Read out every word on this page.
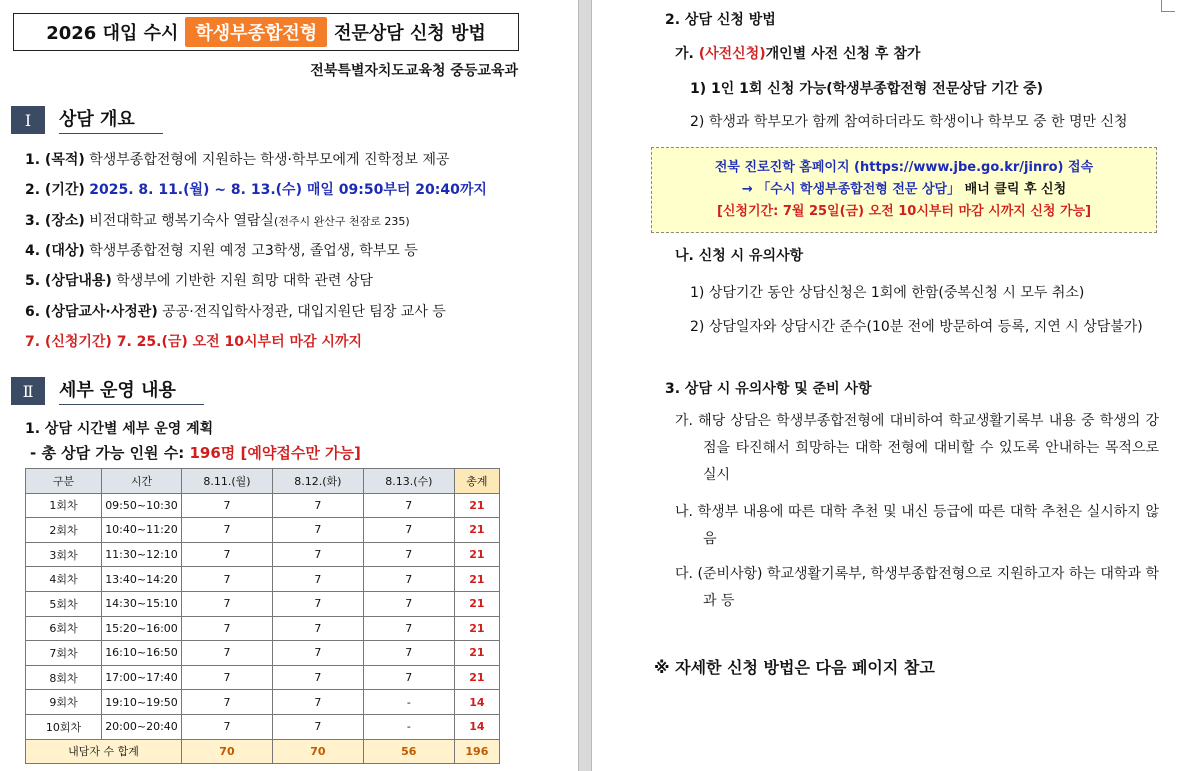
2026 대입 수시 학생부종합전형 전문상담 신청 방법
전북특별자치도교육청 중등교육과
Ⅰ	상담 개요
1. (목적) 학생부종합전형에 지원하는 학생·학부모에게 진학정보 제공
2. (기간) 2025. 8. 11.(월) ~ 8. 13.(수) 매일 09:50부터 20:40까지
3. (장소) 비전대학교 행복기숙사 열람실(전주시 완산구 천잠로 235)
4. (대상) 학생부종합전형 지원 예정 고3학생, 졸업생, 학부모 등
5. (상담내용) 학생부에 기반한 지원 희망 대학 관련 상담
6. (상담교사·사정관) 공공·전직입학사정관, 대입지원단 팀장 교사 등
7. (신청기간) 7. 25.(금) 오전 10시부터 마감 시까지
Ⅱ	세부 운영 내용
1. 상담 시간별 세부 운영 계획
- 총 상담 가능 인원 수: 196명 [예약접수만 가능]
구분	시간	8.11.(월)	8.12.(화)	8.13.(수)	총계
1회차	09:50~10:30	7	7	7	21
2회차	10:40~11:20	7	7	7	21
3회차	11:30~12:10	7	7	7	21
4회차	13:40~14:20	7	7	7	21
5회차	14:30~15:10	7	7	7	21
6회차	15:20~16:00	7	7	7	21
7회차	16:10~16:50	7	7	7	21
8회차	17:00~17:40	7	7	7	21
9회차	19:10~19:50	7	7	-	14
10회차	20:00~20:40	7	7	-	14
내담자 수 합계		70	70	56	196
2. 상담 신청 방법
가. (사전신청)개인별 사전 신청 후 참가
1) 1인 1회 신청 가능(학생부종합전형 전문상담 기간 중)
2) 학생과 학부모가 함께 참여하더라도 학생이나 학부모 중 한 명만 신청
전북 진로진학 홈페이지 (https://www.jbe.go.kr/jinro) 접속
→ 「수시 학생부종합전형 전문 상담」 배너 클릭 후 신청
[신청기간: 7월 25일(금) 오전 10시부터 마감 시까지 신청 가능]
나. 신청 시 유의사항
1) 상담기간 동안 상담신청은 1회에 한함(중복신청 시 모두 취소)
2) 상담일자와 상담시간 준수(10분 전에 방문하여 등록, 지연 시 상담불가)
3. 상담 시 유의사항 및 준비 사항
가. 해당 상담은 학생부종합전형에 대비하여 학교생활기록부 내용 중 학생의 강점을 타진해서 희망하는 대학 전형에 대비할 수 있도록 안내하는 목적으로 실시
나. 학생부 내용에 따른 대학 추천 및 내신 등급에 따른 대학 추천은 실시하지 않음
다. (준비사항) 학교생활기록부, 학생부종합전형으로 지원하고자 하는 대학과 학과 등
※ 자세한 신청 방법은 다음 페이지 참고
